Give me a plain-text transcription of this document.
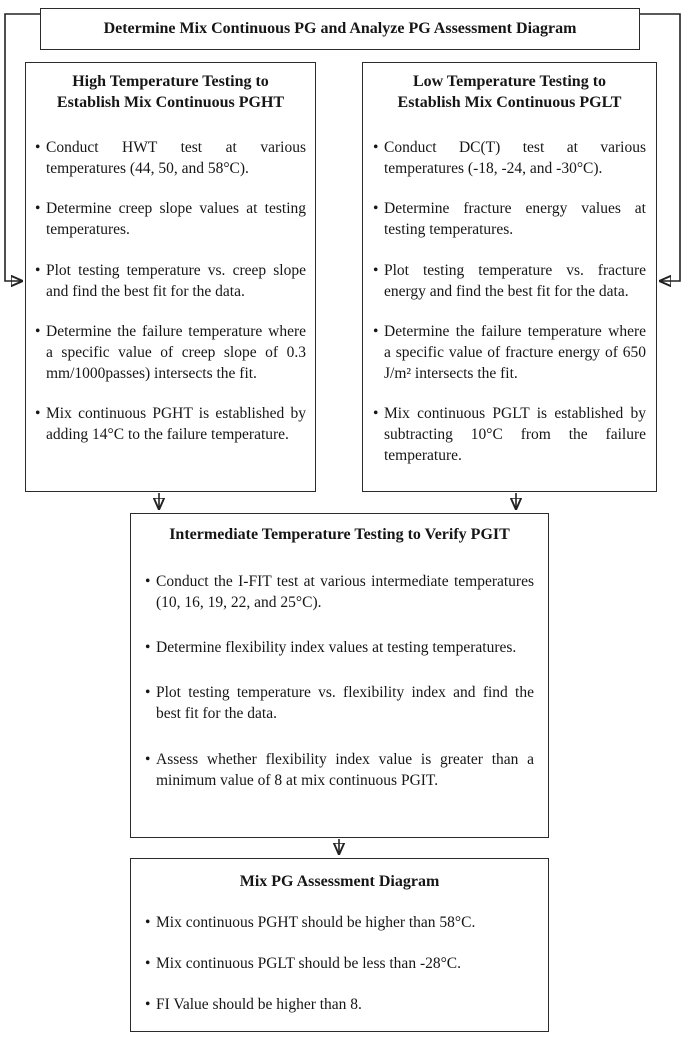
Determine Mix Continuous PG and Analyze PG Assessment Diagram
High Temperature Testing to Establish Mix Continuous PGHT
• Conduct HWT test at various temperatures (44, 50, and 58°C).
• Determine creep slope values at testing temperatures.
• Plot testing temperature vs. creep slope and find the best fit for the data.
• Determine the failure temperature where a specific value of creep slope of 0.3 mm/1000passes) intersects the fit.
• Mix continuous PGHT is established by adding 14°C to the failure temperature.
Low Temperature Testing to Establish Mix Continuous PGLT
• Conduct DC(T) test at various temperatures (-18, -24, and -30°C).
• Determine fracture energy values at testing temperatures.
• Plot testing temperature vs. fracture energy and find the best fit for the data.
• Determine the failure temperature where a specific value of fracture energy of 650 J/m² intersects the fit.
• Mix continuous PGLT is established by subtracting 10°C from the failure temperature.
Intermediate Temperature Testing to Verify PGIT
• Conduct the I-FIT test at various intermediate temperatures (10, 16, 19, 22, and 25°C).
• Determine flexibility index values at testing temperatures.
• Plot testing temperature vs. flexibility index and find the best fit for the data.
• Assess whether flexibility index value is greater than a minimum value of 8 at mix continuous PGIT.
Mix PG Assessment Diagram
• Mix continuous PGHT should be higher than 58°C.
• Mix continuous PGLT should be less than -28°C.
• FI Value should be higher than 8.
